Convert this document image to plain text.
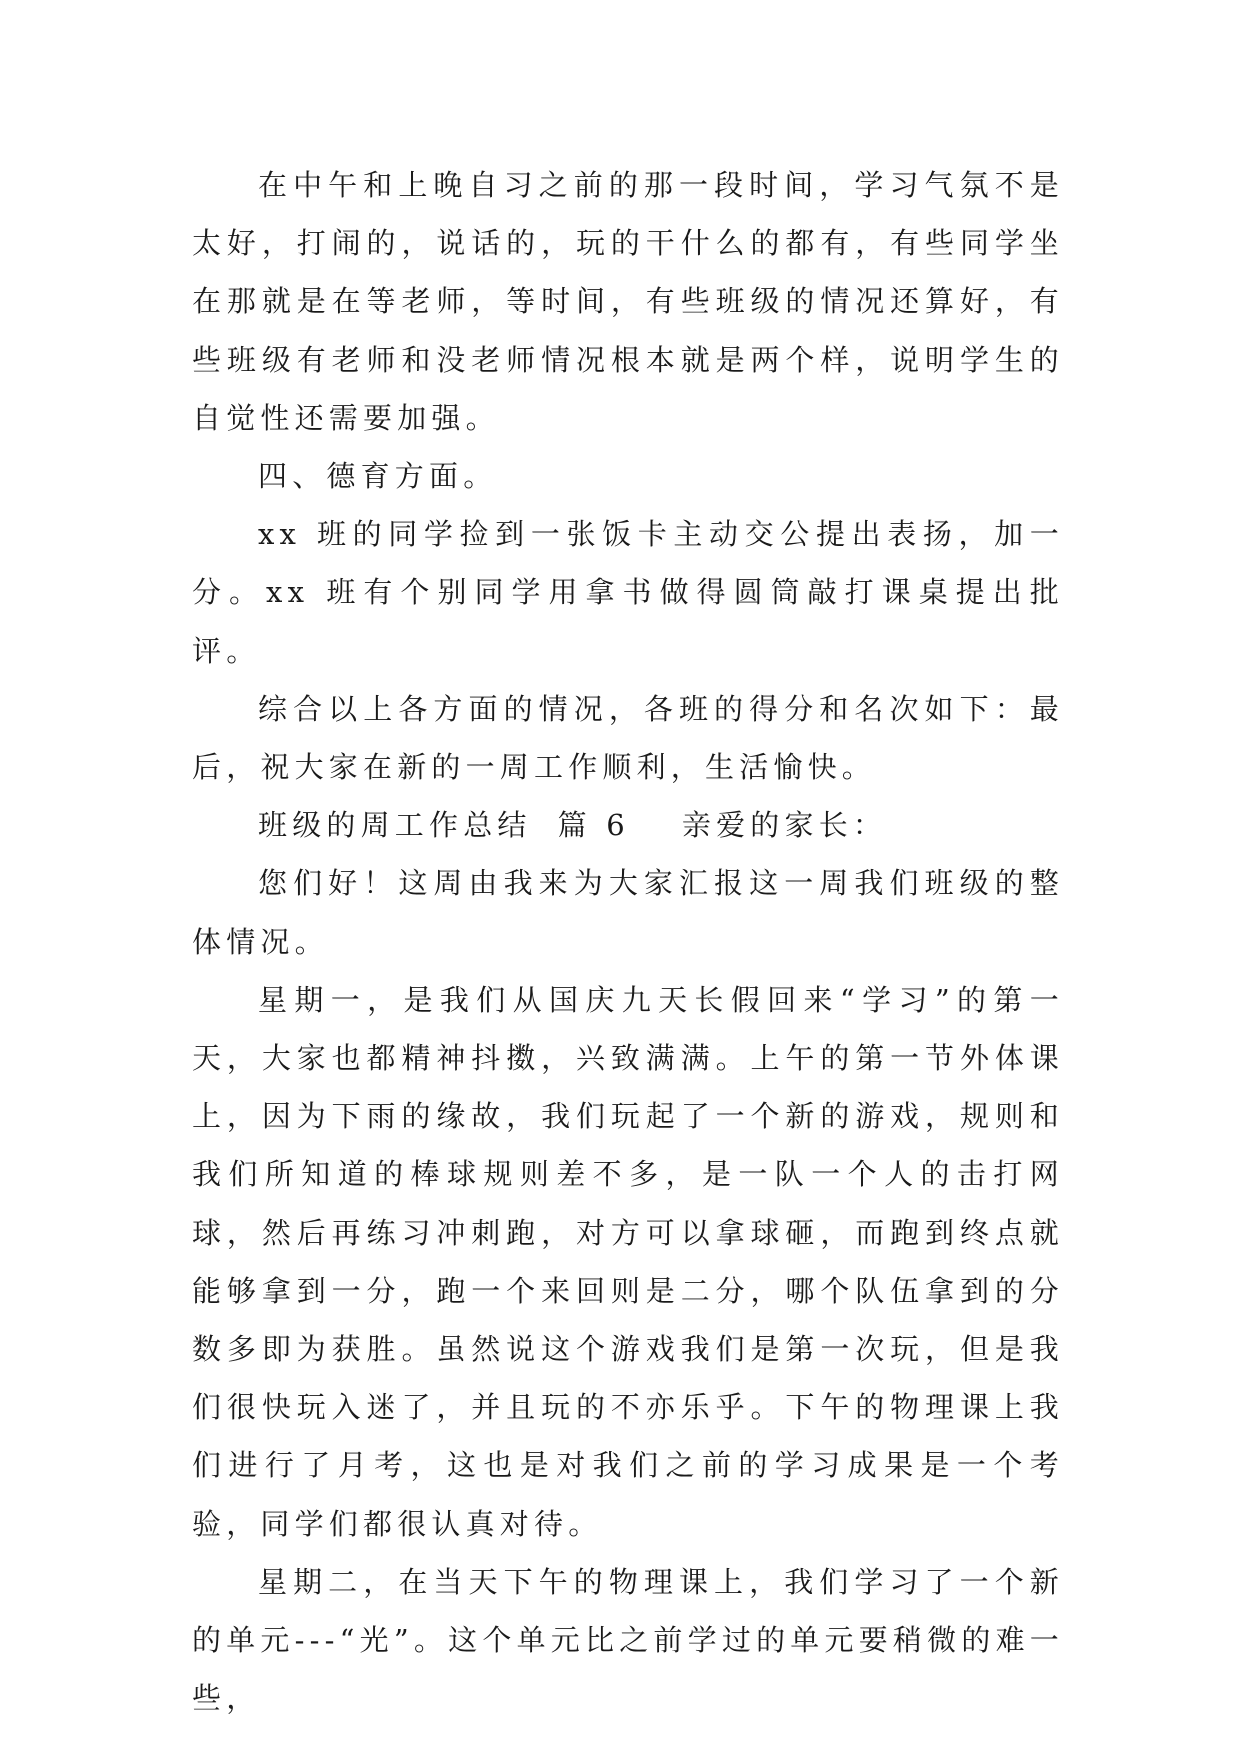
在中午和上晚自习之前的那一段时间，学习气氛不是太好，打闹的，说话的，玩的干什么的都有，有些同学坐在那就是在等老师，等时间，有些班级的情况还算好，有些班级有老师和没老师情况根本就是两个样，说明学生的自觉性还需要加强。

四、德育方面。

xx 班的同学捡到一张饭卡主动交公提出表扬，加一分。xx 班有个别同学用拿书做得圆筒敲打课桌提出批评。

综合以上各方面的情况，各班的得分和名次如下：最后，祝大家在新的一周工作顺利，生活愉快。

班级的周工作总结 篇 6 亲爱的家长：

您们好！这周由我来为大家汇报这一周我们班级的整体情况。

星期一，是我们从国庆九天长假回来“学习”的第一天，大家也都精神抖擞，兴致满满。上午的第一节外体课上，因为下雨的缘故，我们玩起了一个新的游戏，规则和我们所知道的棒球规则差不多，是一队一个人的击打网球，然后再练习冲刺跑，对方可以拿球砸，而跑到终点就能够拿到一分，跑一个来回则是二分，哪个队伍拿到的分数多即为获胜。虽然说这个游戏我们是第一次玩，但是我们很快玩入迷了，并且玩的不亦乐乎。下午的物理课上我们进行了月考，这也是对我们之前的学习成果是一个考验，同学们都很认真对待。

星期二，在当天下午的物理课上，我们学习了一个新的单元---“光”。这个单元比之前学过的单元要稍微的难一些，
